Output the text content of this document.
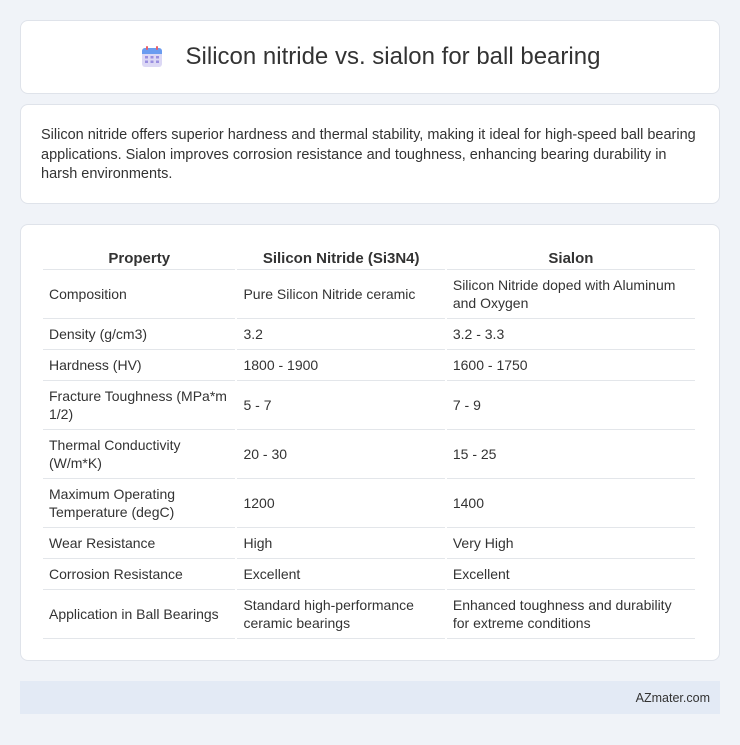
Silicon nitride vs. sialon for ball bearing

Silicon nitride offers superior hardness and thermal stability, making it ideal for high-speed ball bearing applications. Sialon improves corrosion resistance and toughness, enhancing bearing durability in harsh environments.

Property	Silicon Nitride (Si3N4)	Sialon
Composition	Pure Silicon Nitride ceramic	Silicon Nitride doped with Aluminum and Oxygen
Density (g/cm3)	3.2	3.2 - 3.3
Hardness (HV)	1800 - 1900	1600 - 1750
Fracture Toughness (MPa*m 1/2)	5 - 7	7 - 9
Thermal Conductivity (W/m*K)	20 - 30	15 - 25
Maximum Operating Temperature (degC)	1200	1400
Wear Resistance	High	Very High
Corrosion Resistance	Excellent	Excellent
Application in Ball Bearings	Standard high-performance ceramic bearings	Enhanced toughness and durability for extreme conditions
AZmater.com
